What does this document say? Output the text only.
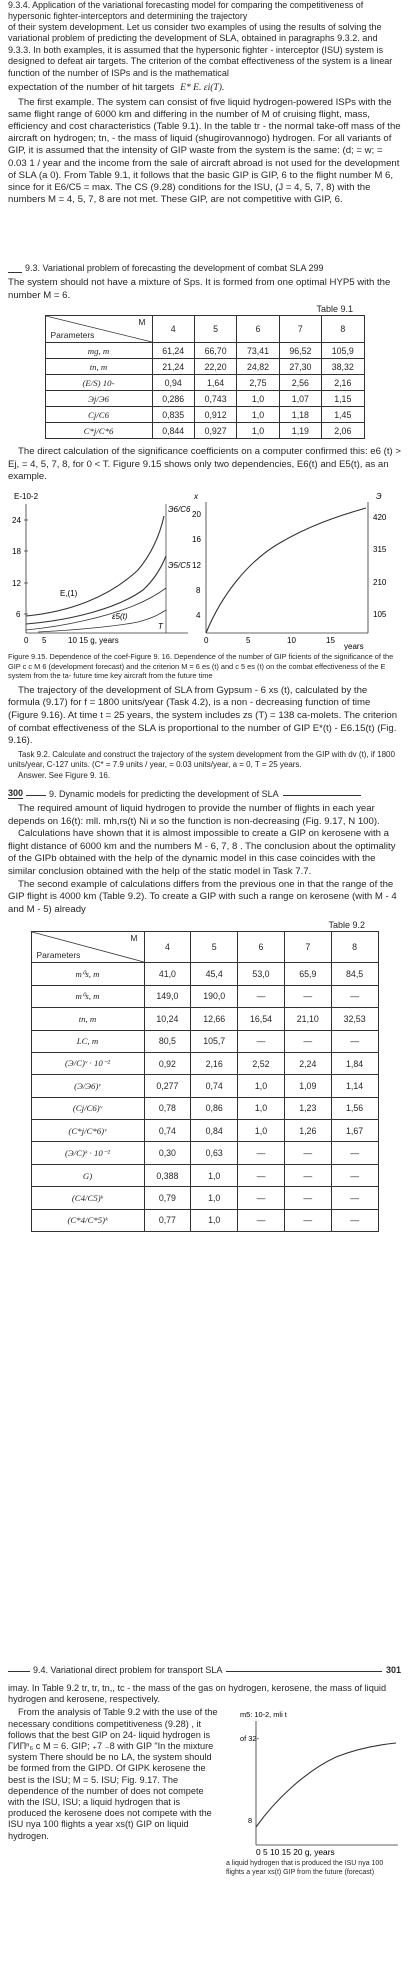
9.3.4. Application of the variational forecasting model for comparing the competitiveness of hypersonic fighter-interceptors and determining the trajectory

of their system development. Let us consider two examples of using the results of solving the variational problem of predicting the development of SLA, obtained in paragraphs 9.3.2. and 9.3.3. In both examples, it is assumed that the hypersonic fighter - interceptor (ISU) system is designed to defeat air targets. The criterion of the combat effectiveness of the system is a linear function of the number of ISPs and is the mathematical

expectation of the number of hit targets E* E. εi(T).

The first example. The system can consist of five liquid hydrogen-powered ISPs with the same flight range of 6000 km and differing in the number of M of cruising flight, mass, efficiency and cost characteristics (Table 9.1). In the table tr - the normal take-off mass of the aircraft on hydrogen; tn, - the mass of liquid (shugirovannogo) hydrogen. For all variants of GIP, it is assumed that the intensity of GIP waste from the system is the same: (d; = w; = 0.03 1 / year and the income from the sale of aircraft abroad is not used for the development of SLA (a 0). From Table 9.1, it follows that the basic GIP is GIP, 6 to the flight number M 6, since for it E6/C5 = max. The CS (9.28) conditions for the ISU, (J = 4, 5, 7, 8) with the numbers M = 4, 5, 7, 8 are not met. These GIP, are not competitive with GIP, 6.

9.3. Variational problem of forecasting the development of combat SLA 299

The system should not have a mixture of Sps. It is formed from one optimal HYP5 with the number M = 6.

Table 9.1
M
Parameters	4	5	6	7	8
mg, т	61,24	66,70	73,41	96,52	105,9
tn, т	21,24	22,20	24,82	27,30	38,32
(E/S) 10-	0,94	1,64	2,75	2,56	2,16
Эj/Э6	0,286	0,743	1,0	1,07	1,15
Cj/C6	0,835	0,912	1,0	1,18	1,45
C*j/C*6	0,844	0,927	1,0	1,19	2,06

The direct calculation of the significance coefficients on a computer confirmed this: e6 (t) > Ej, = 4, 5, 7, 8, for 0 < T. Figure 9.15 shows only two dependencies, E6(t) and E5(t), as an example.

E-10-2
24
18
12
6
Э6/C6
Э5/C5
E,(1)
ε5(t)
T
0 5	10 15 g, years
x	Э
20
16
12
8
4
420
315
210
105
0	5	10	15
years

Figure 9.15. Dependence of the coef-Figure 9. 16. Dependence of the number of GIP ficients of the significance of the GIP c c M 6 (development forecast) and the criterion M = 6 es (t) and c 5 es (t) on the combat effectiveness of the E system from the ta- future time key aircraft from the future time

The trajectory of the development of SLA from Gypsum - 6 xs (t), calculated by the formula (9.17) for f = 1800 units/year (Task 4.2), is a non - decreasing function of time (Figure 9.16). At time t = 25 years, the system includes zs (T) = 138 ca-molets. The criterion of combat effectiveness of the SLA is proportional to the number of GIP E*(t) - E6.15(t) (Fig. 9.16).

Task 9.2. Calculate and construct the trajectory of the system development from the GIP with dv (t), if 1800 units/year, C-127 units. (C* = 7.9 units / year, = 0.03 units/year, a = 0, T = 25 years.

Answer. See Figure 9. 16.

300	9. Dynamic models for predicting the development of SLA

The required amount of liquid hydrogen to provide the number of flights in each year depends on 16(t): mll. mh,rs(t) Ni и so the function is non-decreasing (Fig. 9.17, N 100).

Calculations have shown that it is almost impossible to create a GIP on kerosene with a flight distance of 6000 km and the numbers M - 6, 7, 8 . The conclusion about the optimality of the GIPb obtained with the help of the dynamic model in this case coincides with the similar conclusion obtained with the help of the static model in Task 7.7.

The second example of calculations differs from the previous one in that the range of the GIP flight is 4000 km (Table 9.2). To create a GIP with such a range on kerosene (with M - 4 and M - 5) already

Table 9.2
M
Parameters	4	5	6	7	8
m⁰s, т	41,0	45,4	53,0	65,9	84,5
m⁰s, т	149,0	190,0	—	—	—
tn, т	10,24	12,66	16,54	21,10	32,53
LC, т	80,5	105,7	—	—	—
(Э/C)ᵛ · 10⁻²	0,92	2,16	2,52	2,24	1,84
(Э/Э6)ᵛ	0,277	0,74	1,0	1,09	1,14
(Cj/C6)ᵛ	0,78	0,86	1,0	1,23	1,56
(C*j/C*6)ᵛ	0,74	0,84	1,0	1,26	1,67
(Э/C)ᵏ · 10⁻²	0,30	0,63	—	—	—
G)	0,388	1,0	—	—	—
(C4/C5)ᵏ	0,79	1,0	—	—	—
(C*4/C*5)ᵏ	0,77	1,0	—	—	—
9.4. Variational direct problem for transport SLA	301

imay. In Table 9.2 tr, tr, tn,, tc - the mass of the gas on hydrogen, kerosene, the mass of liquid hydrogen and kerosene, respectively.

From the analysis of Table 9.2 with the use of the necessary conditions competitiveness (9.28) , it follows that the best GIP on 24- liquid hydrogen is ГИПⁿ₆ с M = 6. GIP; ₊7 ₋8 with GIP "In the mixture system There should be no LA, the system should be formed from the GIPD. Of GIPK kerosene the best is the ISU; M = 5. ISU; Fig. 9.17. The dependence of the number of does not compete with the ISU, ISU; a liquid hydrogen that is produced the kerosene does not compete with the ISU nya 100 flights a year xs(t) GIP on liquid hydrogen.

m5: 10-2, mli t
of 32-
8
0 5 10 15 20 g, years

a liquid hydrogen that is produced the ISU nya 100 flights a year xs(t) GIP from the future (forecast)
